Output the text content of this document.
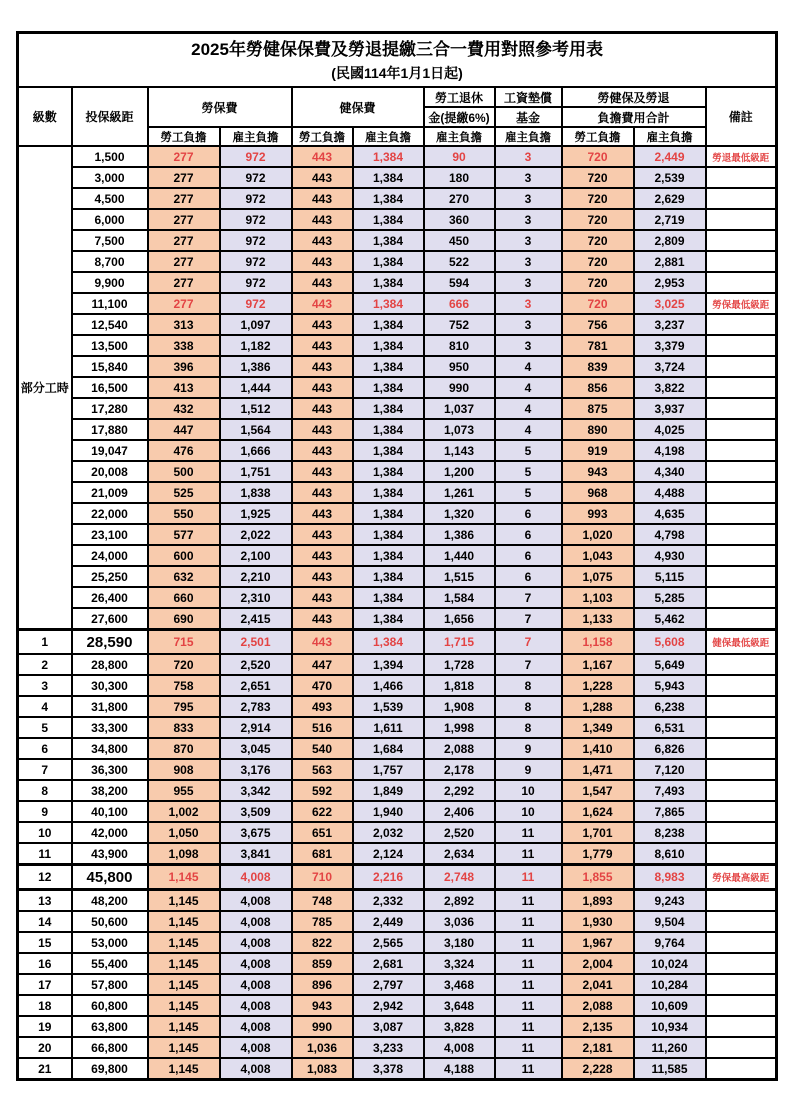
2025年勞健保保費及勞退提繳三合一費用對照參考用表
(民國114年1月1日起)										

級數	投保級距	勞保費		健保費		勞工退休	工資墊償	勞健保及勞退		備註
						金(提繳6%)	基金	負擔費用合計		
		勞工負擔	雇主負擔	勞工負擔	雇主負擔	雇主負擔	雇主負擔	勞工負擔	雇主負擔	
部分工時	1,500	277	972	443	1,384	90	3	720	2,449	勞退最低級距
	3,000	277	972	443	1,384	180	3	720	2,539	
	4,500	277	972	443	1,384	270	3	720	2,629	
	6,000	277	972	443	1,384	360	3	720	2,719	
	7,500	277	972	443	1,384	450	3	720	2,809	
	8,700	277	972	443	1,384	522	3	720	2,881	
	9,900	277	972	443	1,384	594	3	720	2,953	
	11,100	277	972	443	1,384	666	3	720	3,025	勞保最低級距
	12,540	313	1,097	443	1,384	752	3	756	3,237	
	13,500	338	1,182	443	1,384	810	3	781	3,379	
	15,840	396	1,386	443	1,384	950	4	839	3,724	
	16,500	413	1,444	443	1,384	990	4	856	3,822	
	17,280	432	1,512	443	1,384	1,037	4	875	3,937	
	17,880	447	1,564	443	1,384	1,073	4	890	4,025	
	19,047	476	1,666	443	1,384	1,143	5	919	4,198	
	20,008	500	1,751	443	1,384	1,200	5	943	4,340	
	21,009	525	1,838	443	1,384	1,261	5	968	4,488	
	22,000	550	1,925	443	1,384	1,320	6	993	4,635	
	23,100	577	2,022	443	1,384	1,386	6	1,020	4,798	
	24,000	600	2,100	443	1,384	1,440	6	1,043	4,930	
	25,250	632	2,210	443	1,384	1,515	6	1,075	5,115	
	26,400	660	2,310	443	1,384	1,584	7	1,103	5,285	
	27,600	690	2,415	443	1,384	1,656	7	1,133	5,462	
1	28,590	715	2,501	443	1,384	1,715	7	1,158	5,608	健保最低級距
2	28,800	720	2,520	447	1,394	1,728	7	1,167	5,649	
3	30,300	758	2,651	470	1,466	1,818	8	1,228	5,943	
4	31,800	795	2,783	493	1,539	1,908	8	1,288	6,238	
5	33,300	833	2,914	516	1,611	1,998	8	1,349	6,531	
6	34,800	870	3,045	540	1,684	2,088	9	1,410	6,826	
7	36,300	908	3,176	563	1,757	2,178	9	1,471	7,120	
8	38,200	955	3,342	592	1,849	2,292	10	1,547	7,493	
9	40,100	1,002	3,509	622	1,940	2,406	10	1,624	7,865	
10	42,000	1,050	3,675	651	2,032	2,520	11	1,701	8,238	
11	43,900	1,098	3,841	681	2,124	2,634	11	1,779	8,610	
12	45,800	1,145	4,008	710	2,216	2,748	11	1,855	8,983	勞保最高級距
13	48,200	1,145	4,008	748	2,332	2,892	11	1,893	9,243	
14	50,600	1,145	4,008	785	2,449	3,036	11	1,930	9,504	
15	53,000	1,145	4,008	822	2,565	3,180	11	1,967	9,764	
16	55,400	1,145	4,008	859	2,681	3,324	11	2,004	10,024	
17	57,800	1,145	4,008	896	2,797	3,468	11	2,041	10,284	
18	60,800	1,145	4,008	943	2,942	3,648	11	2,088	10,609	
19	63,800	1,145	4,008	990	3,087	3,828	11	2,135	10,934	
20	66,800	1,145	4,008	1,036	3,233	4,008	11	2,181	11,260	
21	69,800	1,145	4,008	1,083	3,378	4,188	11	2,228	11,585	
